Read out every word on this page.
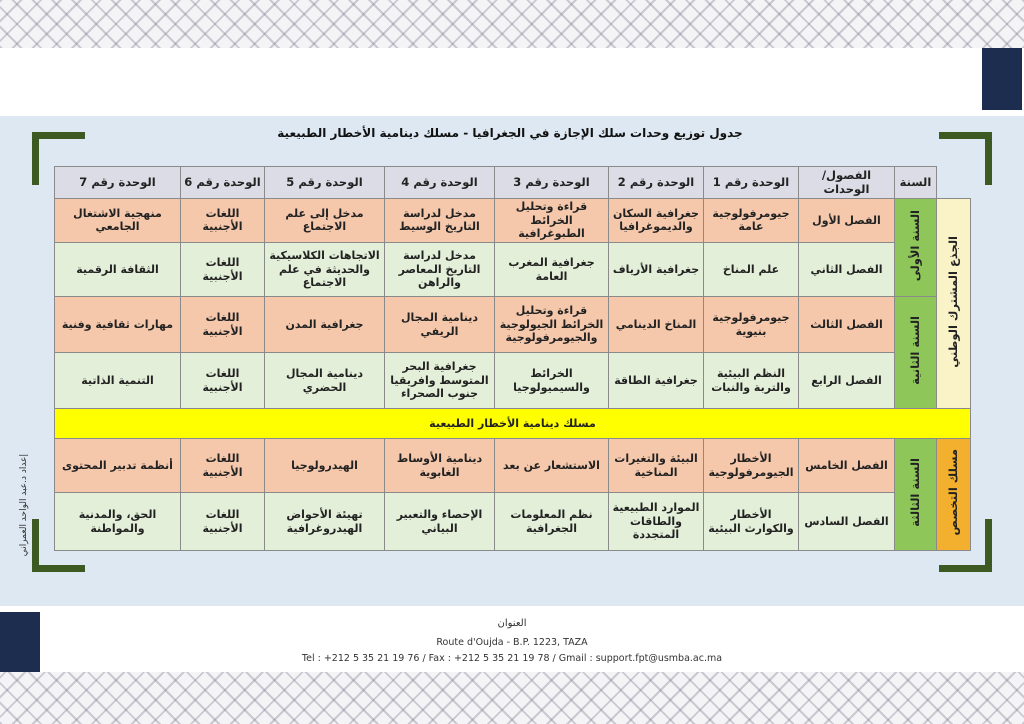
جدول توزيع وحدات سلك الإجازة في الجغرافيا - مسلك دينامية الأخطار الطبيعية
	السنة	الفصول/الوحدات	الوحدة رقم 1	الوحدة رقم 2	الوحدة رقم 3	الوحدة رقم 4	الوحدة رقم 5	الوحدة رقم 6	الوحدة رقم 7
الجذع المشترك الوطني	السنة الأولى	الفصل الأول	جيومرفولوجية عامة	جغرافية السكان والديموغرافيا	قراءة وتحليل الخرائط الطبوغرافية	مدخل لدراسة التاريخ الوسيط	مدخل إلى علم الاجتماع	اللغات الأجنبية	منهجية الاشتغال الجامعي
		الفصل الثاني	علم المناخ	جغرافية الأرياف	جغرافية المغرب العامة	مدخل لدراسة التاريخ المعاصر والراهن	الاتجاهات الكلاسيكية والحديثة في علم الاجتماع	اللغات الأجنبية	الثقافة الرقمية
	السنة الثانية	الفصل الثالث	جيومرفولوجية بنيوية	المناخ الدينامي	قراءة وتحليل الخرائط الجيولوجية والجيومرفولوجية	دينامية المجال الريفي	جغرافية المدن	اللغات الأجنبية	مهارات ثقافية وفنية
		الفصل الرابع	النظم البيئية والتربة والنبات	جغرافية الطاقة	الخرائط والسيميولوجيا	جغرافية البحر المتوسط وافريقيا جنوب الصحراء	دينامية المجال الحضري	اللغات الأجنبية	التنمية الذاتية
مسلك دينامية الأخطار الطبيعية									
مسلك التخصص	السنة الثالثة	الفصل الخامس	الأخطار الجيومرفولوجية	البيئة والتغيرات المناخية	الاستشعار عن بعد	دينامية الأوساط الغابوية	الهيدرولوجيا	اللغات الأجنبية	أنظمة تدبير المحتوى
		الفصل السادس	الأخطار والكوارث البيئية	الموارد الطبيعية والطاقات المتجددة	نظم المعلومات الجغرافية	الإحصاء والتعبير البياني	تهيئة الأحواض الهيدروغرافية	اللغات الأجنبية	الحق، والمدنية والمواطنة
إعداد د.عبد الواحد العمراني
العنوان
Route d'Oujda - B.P. 1223, TAZA
Tel : +212 5 35 21 19 76 / Fax : +212 5 35 21 19 78 / Gmail : support.fpt@usmba.ac.ma
